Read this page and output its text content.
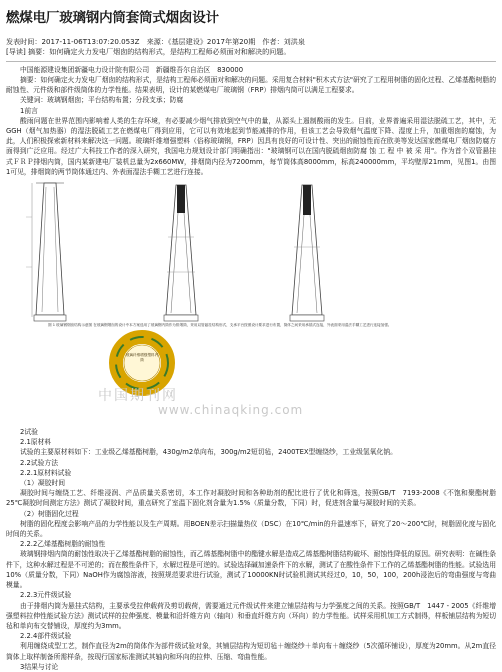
燃煤电厂玻璃钢内筒套筒式烟囱设计
发表时间：2017-11-06T13:07:20.053Z　来源：《基层建设》2017年第20期　作者：刘洪泉
[导读] 摘要：如何确定火力发电厂烟囱的结构形式，是结构工程师必须面对和解决的问题。

中国能源建设集团新疆电力设计院有限公司　新疆维吾尔自治区　830000

摘要：如何确定火力发电厂烟囱的结构形式，是结构工程师必须面对和解决的问题。采用复合材料"积木式方法"研究了工程用树脂的固化过程、乙烯基酯树脂的耐蚀性、元件级和部件级筒体的力学性能。结果表明，设计的某燃煤电厂玻璃钢（FRP）排烟内筒可以满足工程要求。

关键词：玻璃钢烟囱；平台结构布置；分段支承；防腐

1前言

酸雨问题在世界范围内影响着人类的生存环境，有必要减少烟气排放到空气中的量，从源头上遏制酸雨的发生。目前，业界普遍采用湿法脱硫工艺，其中，无 GGH（烟气加热器）的湿法脱硫工艺在燃煤电厂得到应用，它可以有效地起到节能减排的作用，但该工艺会导致烟气温度下降、湿度上升，加重烟囱的腐蚀，为此，人们积极探索新材料来解决这一问题。玻璃纤维增强塑料（俗称玻璃钢，FRP）因具有良好的可设计性、突出的耐蚀性而在欧美等发达国家燃煤电厂烟囱防腐方面得到广泛应用。经过广大科技工作者的深入研究，我国电力规划设计部门明确指出："玻璃钢可以在国内脱硫烟囱防腐 蚀 工 程 中 被 采 用"。作为首个双管悬挂式ＦＲＰ排烟内筒，国内某新建电厂装机总量为2x660MW，排烟筒内径为7200mm，每节筒体高8000mm，标高240000mm，平均壁厚21mm，见图1。由图1可见，排烟筒的两节筒体通过内、外表面湿法手糊工艺进行连接。

图 1 玻璃钢烟囱结构示意图 在玻璃钢烟囱的设计中本方案选用了玻璃钢内筒作为排烟筒，采用双管悬挂结构形式，支承平台按照设计要求进行布置，筒体之间采用承插式连接，外表面采用湿法手糊工艺进行连接加强。
玻璃纤维增强塑料内筒
中国期刊网
www.chinaqking.com

2试验

2.1原材料

试验的主要原材料如下：工业级乙烯基酯树脂，430g/m2单向布，300g/m2短切毡，2400TEX型缠绕纱，工业级氢氧化钠。

2.2试验方法

2.2.1原材料试验

（1）凝胶时间

凝胶时间与缠绕工艺、纤维浸润、产品质量关系密切，本工作对凝胶时间和各种助剂的配比进行了优化和筛选，按照GB/T　7193-2008《不饱和聚酯树脂25℃凝胶时间测定方法》测试了凝胶时间，重点研究了室温下固化剂含量为1.5%（质量分数，下同）时，促进剂含量与凝胶时间的关系。

（2）树脂固化过程

树脂的固化程度会影响产品的力学性能以及生产周期。用BOEN差示扫描量热仪（DSC）在10℃/min的升温速率下，研究了20～200℃时，树脂固化度与固化时间的关系。

2.2.2乙烯基酯树脂的耐蚀性

玻璃钢排烟内筒的耐蚀性取决于乙烯基酯树脂的耐蚀性，而乙烯基酯树脂中的酯键水解是造成乙烯基酯树脂结构破坏、耐蚀性降低的原因。研究表明：在碱性条件下，这种水解过程是不可逆的；而在酸性条件下，水解过程是可逆的。试验选择碱加速条件下的水解，测试了在酸性条件下工作的乙烯基酯树脂的性能。试验选用10%（质量分数，下同）NaOH作为腐蚀溶液，按照规范要求进行试验，测试了10000KN时试验机测试其经过0，10，50，100，200h浸泡后的弯曲强度与弯曲模量。

2.2.3元件级试验

由于排烟内筒为悬挂式结构，主要承受拉伸载荷及剪切载荷，需要通过元件级试件来建立铺层结构与力学强度之间的关系。按照GB/T　1447 - 2005《纤维增强塑料拉伸性能试验方法》测试试样的拉伸强度、模量和沿纤维方向（轴向）和垂直纤维方向（环向）的力学性能。试样采用机加工方式制得，样板铺层结构为短切毡和单向布交替铺设，厚度约为3mm。

2.2.4部件级试验

利用缠绕成型工艺，制作直径为2m的筒体作为部件级试验对象，其铺层结构为短切毡＋缠绕纱＋单向布＋缠绕纱（5次循环铺设），厚度为20mm。从2m直径筒体上取样制备所需样条，按现行国家标准测试其轴向和环向的拉伸、压缩、弯曲性能。

3结果与讨论
